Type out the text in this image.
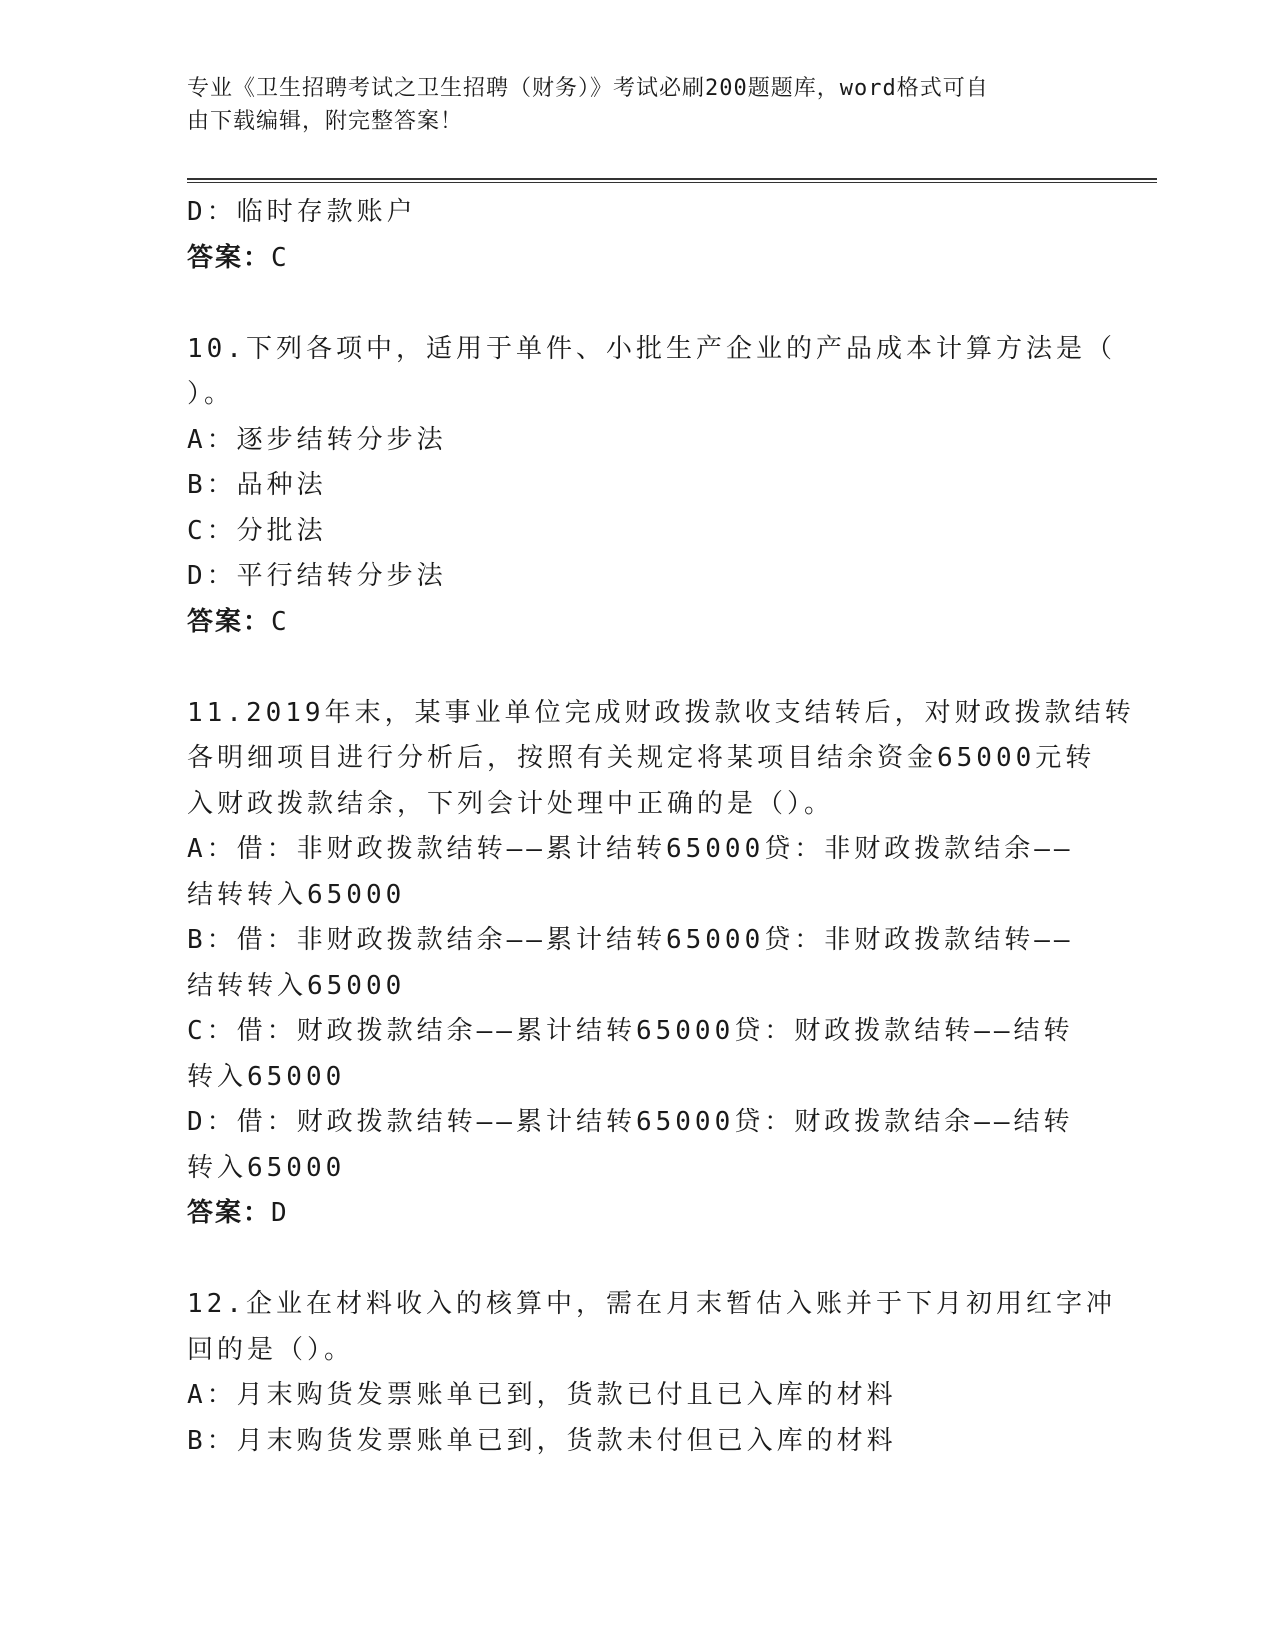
专业《卫生招聘考试之卫生招聘（财务）》考试必刷200题题库，word格式可自
由下载编辑，附完整答案！
D：临时存款账户
答案：C
10.下列各项中，适用于单件、小批生产企业的产品成本计算方法是（
）。
A：逐步结转分步法
B：品种法
C：分批法
D：平行结转分步法
答案：C
11.2019年末，某事业单位完成财政拨款收支结转后，对财政拨款结转
各明细项目进行分析后，按照有关规定将某项目结余资金65000元转
入财政拨款结余，下列会计处理中正确的是（）。
A：借：非财政拨款结转——累计结转65000贷：非财政拨款结余——
结转转入65000
B：借：非财政拨款结余——累计结转65000贷：非财政拨款结转——
结转转入65000
C：借：财政拨款结余——累计结转65000贷：财政拨款结转——结转
转入65000
D：借：财政拨款结转——累计结转65000贷：财政拨款结余——结转
转入65000
答案：D
12.企业在材料收入的核算中，需在月末暂估入账并于下月初用红字冲
回的是（）。
A：月末购货发票账单已到，货款已付且已入库的材料
B：月末购货发票账单已到，货款未付但已入库的材料
